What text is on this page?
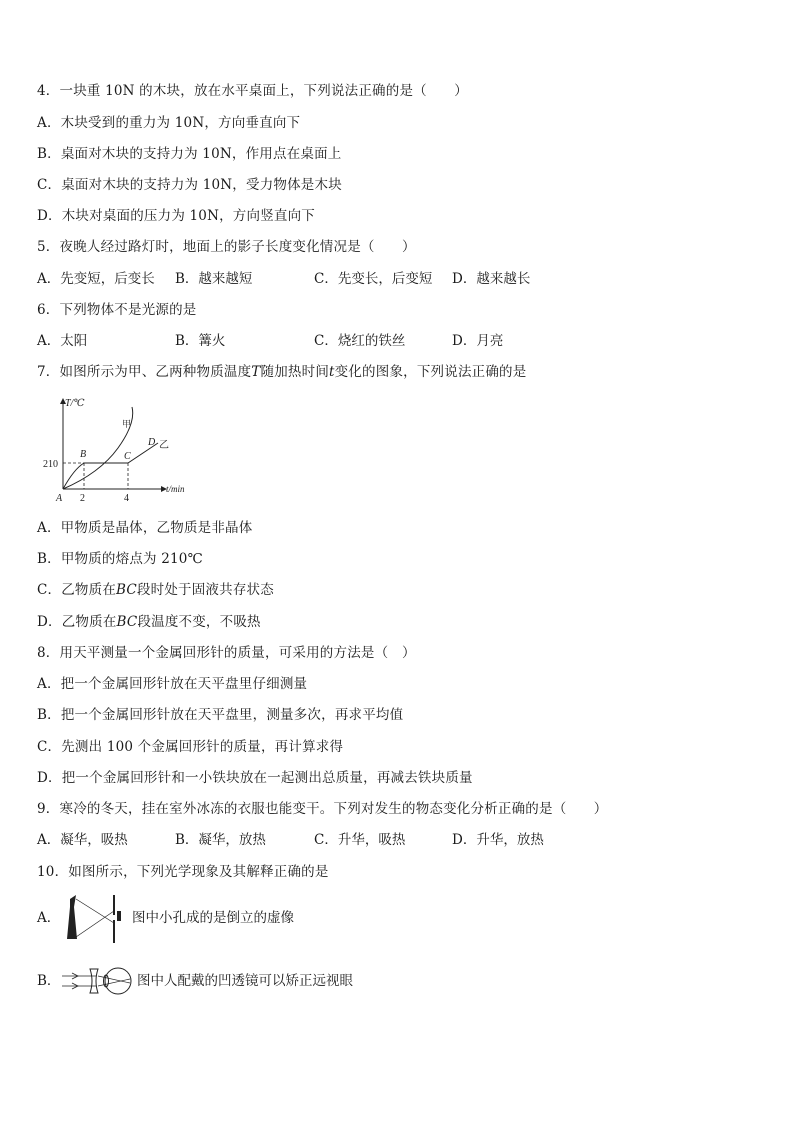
4．一块重 10N 的木块，放在水平桌面上，下列说法正确的是（　　）
A．木块受到的重力为 10N，方向垂直向下
B．桌面对木块的支持力为 10N，作用点在桌面上
C．桌面对木块的支持力为 10N，受力物体是木块
D．木块对桌面的压力为 10N，方向竖直向下
5．夜晚人经过路灯时，地面上的影子长度变化情况是（　　）
A．先变短，后变长 B．越来越短	C．先变长，后变短 D．越来越长
6．下列物体不是光源的是
A．太阳	B．篝火	C．烧红的铁丝	D．月亮
7．如图所示为甲、乙两种物质温度T随加热时间t变化的图象，下列说法正确的是
T/℃
t/min
210
2	4
A
B	C
D
甲
乙
A．甲物质是晶体，乙物质是非晶体
B．甲物质的熔点为 210℃
C．乙物质在BC段时处于固液共存状态
D．乙物质在BC段温度不变，不吸热
8．用天平测量一个金属回形针的质量，可采用的方法是（　）
A．把一个金属回形针放在天平盘里仔细测量
B．把一个金属回形针放在天平盘里，测量多次，再求平均值
C．先测出 100 个金属回形针的质量，再计算求得
D．把一个金属回形针和一小铁块放在一起测出总质量，再减去铁块质量
9．寒冷的冬天，挂在室外冰冻的衣服也能变干。下列对发生的物态变化分析正确的是（　　）
A．凝华，吸热	B．凝华，放热	C．升华，吸热	D．升华，放热
10．如图所示，下列光学现象及其解释正确的是
A．	图中小孔成的是倒立的虚像
B．	图中人配戴的凹透镜可以矫正远视眼
